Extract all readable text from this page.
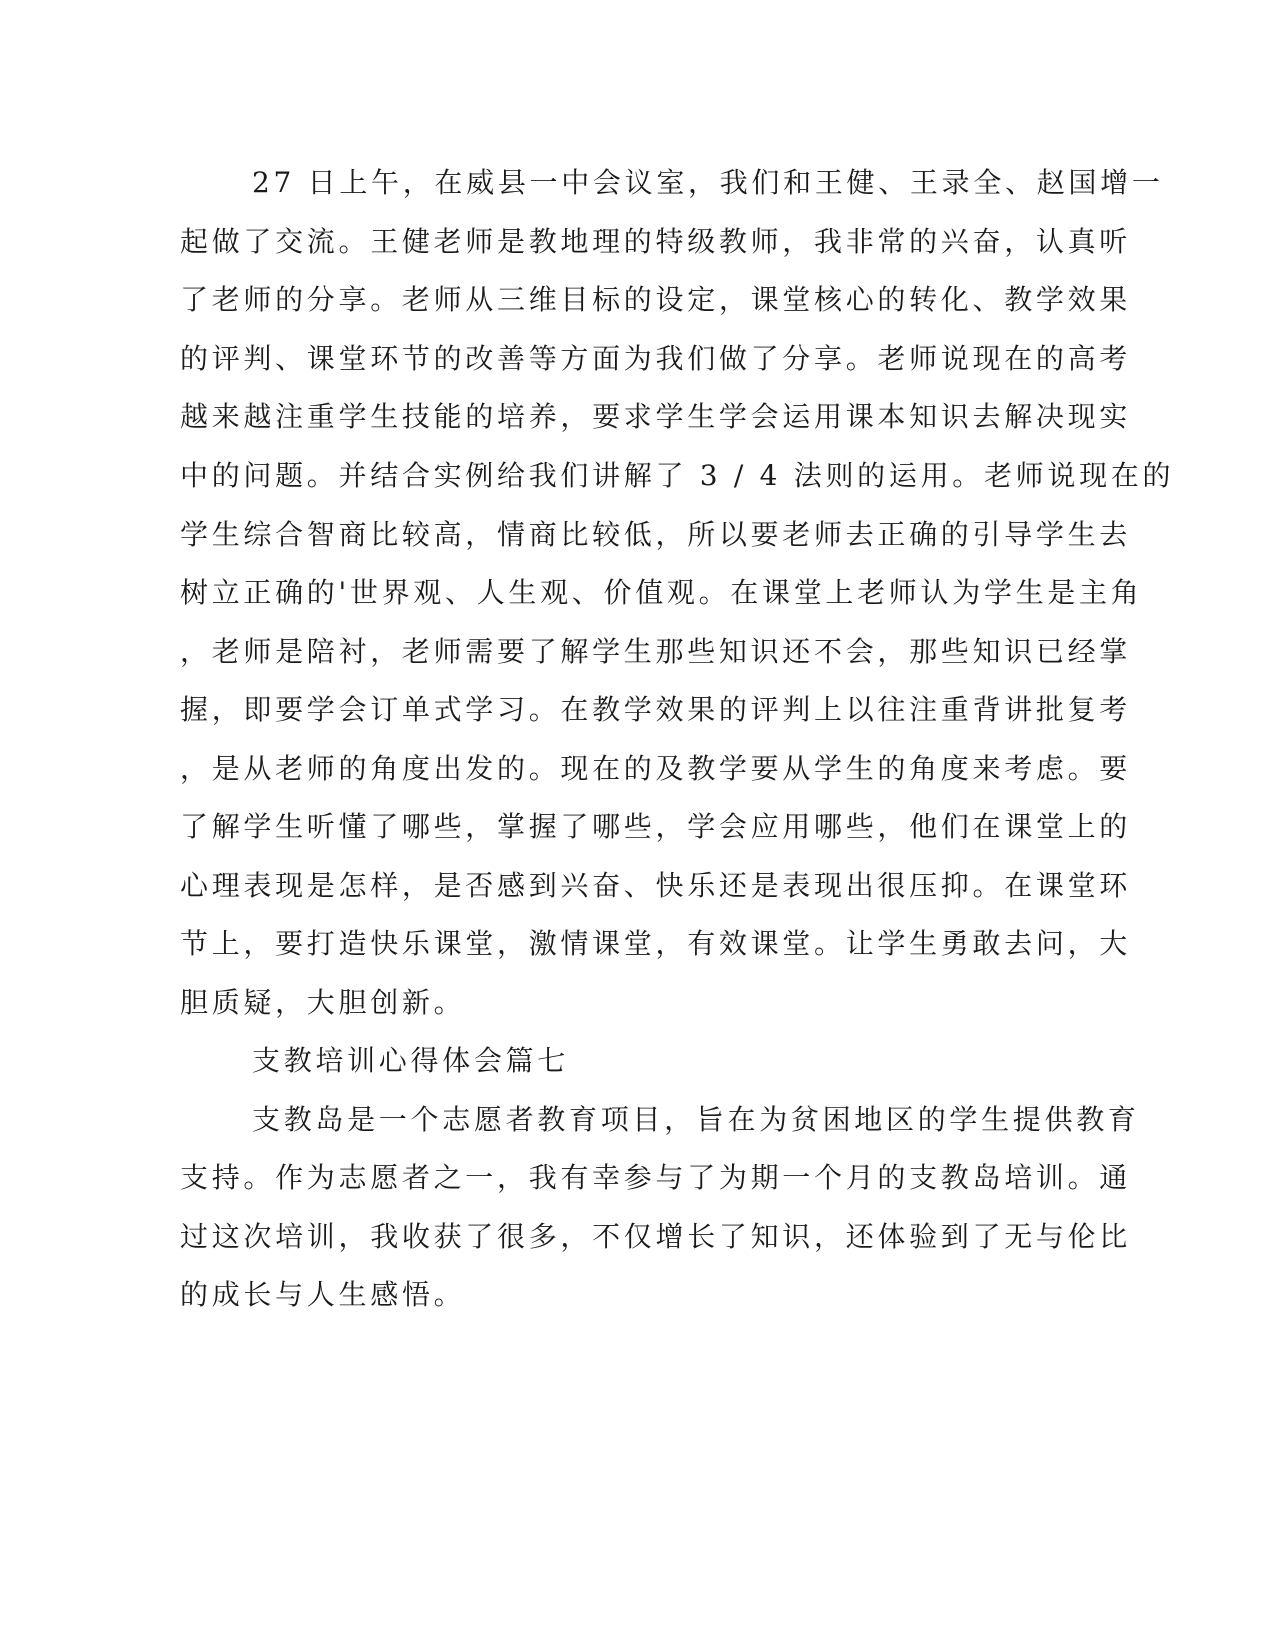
27 日上午，在威县一中会议室，我们和王健、王录全、赵国增一
起做了交流。王健老师是教地理的特级教师，我非常的兴奋，认真听
了老师的分享。老师从三维目标的设定，课堂核心的转化、教学效果
的评判、课堂环节的改善等方面为我们做了分享。老师说现在的高考
越来越注重学生技能的培养，要求学生学会运用课本知识去解决现实
中的问题。并结合实例给我们讲解了 3 / 4 法则的运用。老师说现在的
学生综合智商比较高，情商比较低，所以要老师去正确的引导学生去
树立正确的'世界观、人生观、价值观。在课堂上老师认为学生是主角
，老师是陪衬，老师需要了解学生那些知识还不会，那些知识已经掌
握，即要学会订单式学习。在教学效果的评判上以往注重背讲批复考
，是从老师的角度出发的。现在的及教学要从学生的角度来考虑。要
了解学生听懂了哪些，掌握了哪些，学会应用哪些，他们在课堂上的
心理表现是怎样，是否感到兴奋、快乐还是表现出很压抑。在课堂环
节上，要打造快乐课堂，激情课堂，有效课堂。让学生勇敢去问，大
胆质疑，大胆创新。
支教培训心得体会篇七
支教岛是一个志愿者教育项目，旨在为贫困地区的学生提供教育
支持。作为志愿者之一，我有幸参与了为期一个月的支教岛培训。通
过这次培训，我收获了很多，不仅增长了知识，还体验到了无与伦比
的成长与人生感悟。
